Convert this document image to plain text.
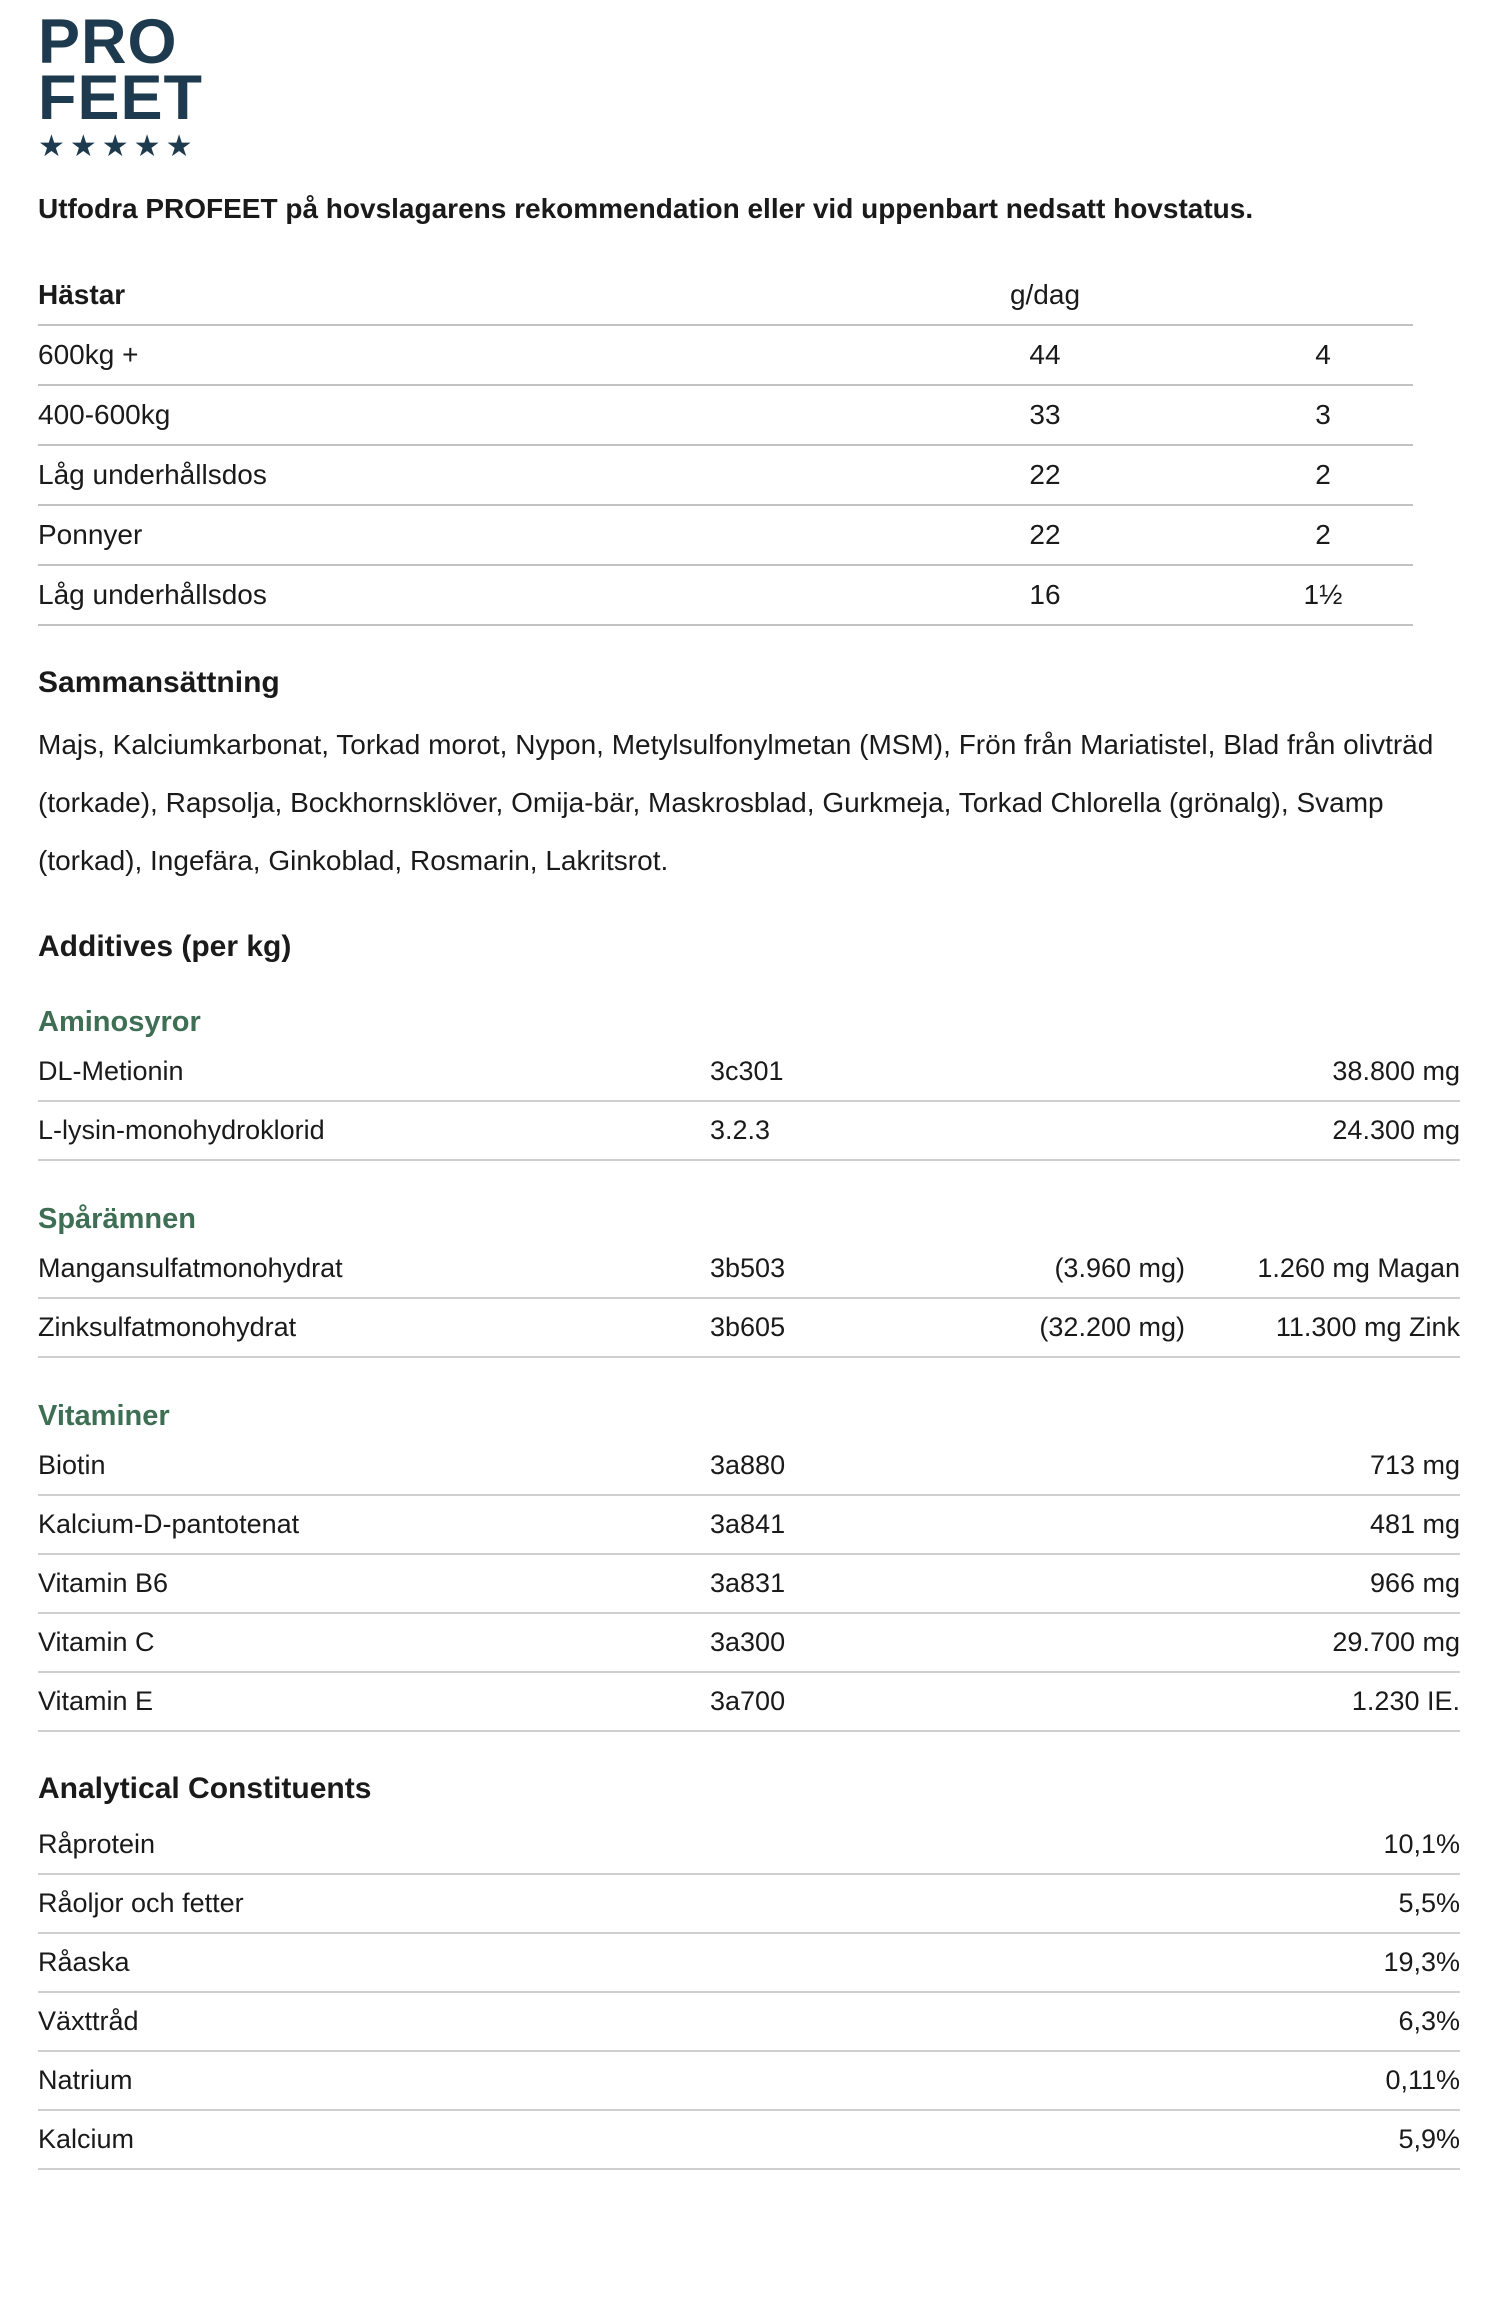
PRO
FEET
★★★★★

Utfodra PROFEET på hovslagarens rekommendation eller vid uppenbart nedsatt hovstatus.

Hästar	g/dag
600kg +	44	4
400-600kg	33	3
Låg underhållsdos	22	2
Ponnyer	22	2
Låg underhållsdos	16	1½
Sammansättning

Majs, Kalciumkarbonat, Torkad morot, Nypon, Metylsulfonylmetan (MSM), Frön från Mariatistel, Blad från olivträd (torkade), Rapsolja, Bockhornsklöver, Omija-bär, Maskrosblad, Gurkmeja, Torkad Chlorella (grönalg), Svamp (torkad), Ingefära, Ginkoblad, Rosmarin, Lakritsrot.

Additives (per kg)
Aminosyror
DL-Metionin	3c301	38.800 mg
L-lysin-monohydroklorid	3.2.3	24.300 mg
Spårämnen
Mangansulfatmonohydrat	3b503	(3.960 mg)	1.260 mg Magan
Zinksulfatmonohydrat	3b605	(32.200 mg)	11.300 mg Zink
Vitaminer
Biotin	3a880	713 mg
Kalcium-D-pantotenat	3a841	481 mg
Vitamin B6	3a831	966 mg
Vitamin C	3a300	29.700 mg
Vitamin E	3a700	1.230 IE.
Analytical Constituents
Råprotein	10,1%
Råoljor och fetter	5,5%
Råaska	19,3%
Växttråd	6,3%
Natrium	0,11%
Kalcium	5,9%
